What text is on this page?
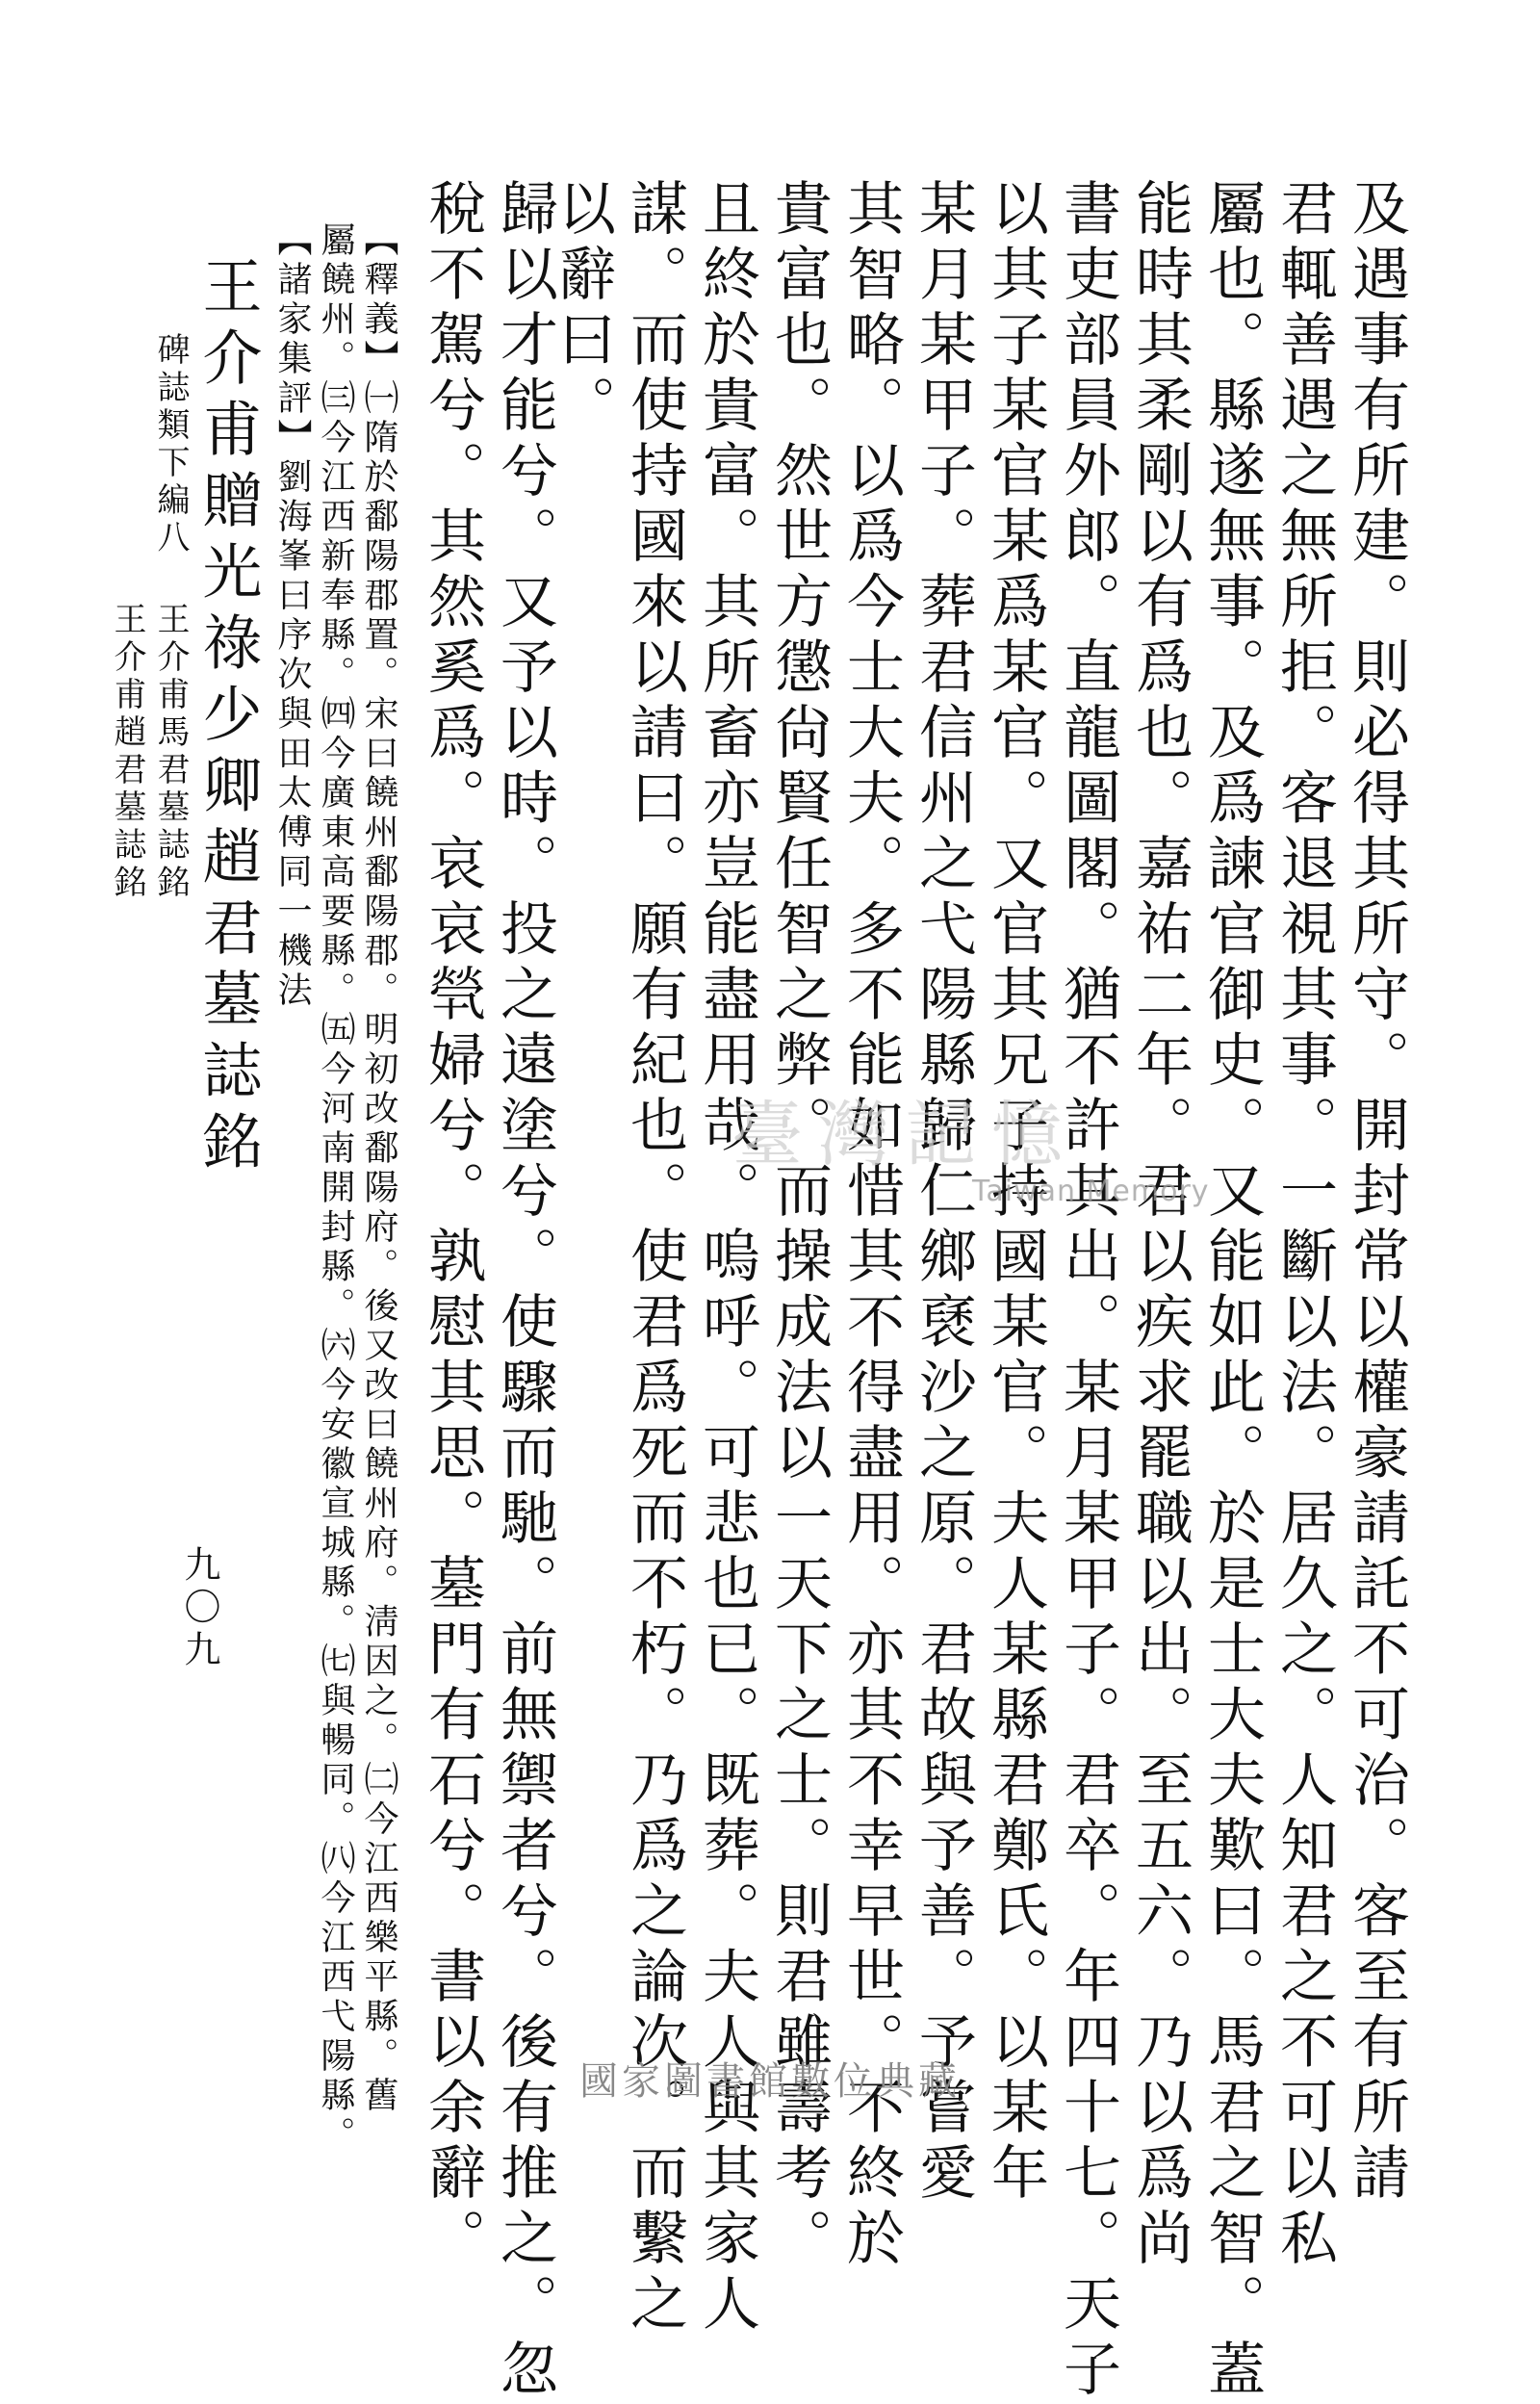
及遇事有所建。則必得其所守。開封常以權豪請託不可治。客至有所請
君輒善遇之無所拒。客退視其事。一斷以法。居久之。人知君之不可以私
屬也。縣遂無事。及爲諫官御史。又能如此。於是士大夫歎曰。馬君之智。蓋
能時其柔剛以有爲也。嘉祐二年。君以疾求罷職以出。至五六。乃以爲尚
書吏部員外郎。直龍圖閣。猶不許其出。某月某甲子。君卒。年四十七。天子
以其子某官某爲某官。又官其兄子持國某官。夫人某縣君鄭氏。以某年
某月某甲子。葬君信州之弋陽縣歸仁鄉褎沙之原。君故與予善。予嘗愛
其智略。以爲今士大夫。多不能如惜其不得盡用。亦其不幸早世。不終於
貴富也。然世方懲尙賢任智之弊。而操成法以一天下之士。則君雖壽考。
且終於貴富。其所畜亦豈能盡用哉。嗚呼。可悲也已。既葬。夫人與其家人
謀。而使持國來以請曰。願有紀也。使君爲死而不朽。乃爲之論次。而繫之
以辭曰。
歸以才能兮。又予以時。投之遠塗兮。使驟而馳。前無禦者兮。後有推之。忽
稅不駕兮。其然奚爲。哀哀煢婦兮。孰慰其思。墓門有石兮。書以余辭。
【釋義】㈠隋於鄱陽郡置。宋曰饒州鄱陽郡。明初改鄱陽府。後又改曰饒州府。淸因之。㈡今江西樂平縣。舊
屬饒州。㈢今江西新奉縣。㈣今廣東高要縣。㈤今河南開封縣。㈥今安徽宣城縣。㈦與暢同。㈧今江西弋陽縣。
【諸家集評】劉海峯曰序次與田太傅同一機法
王介甫贈光祿少卿趙君墓誌銘
碑誌類下編八
王介甫馬君墓誌銘
王介甫趙君墓誌銘
九〇九
臺灣記憶
Taiwan Memory
國家圖書館數位典藏
